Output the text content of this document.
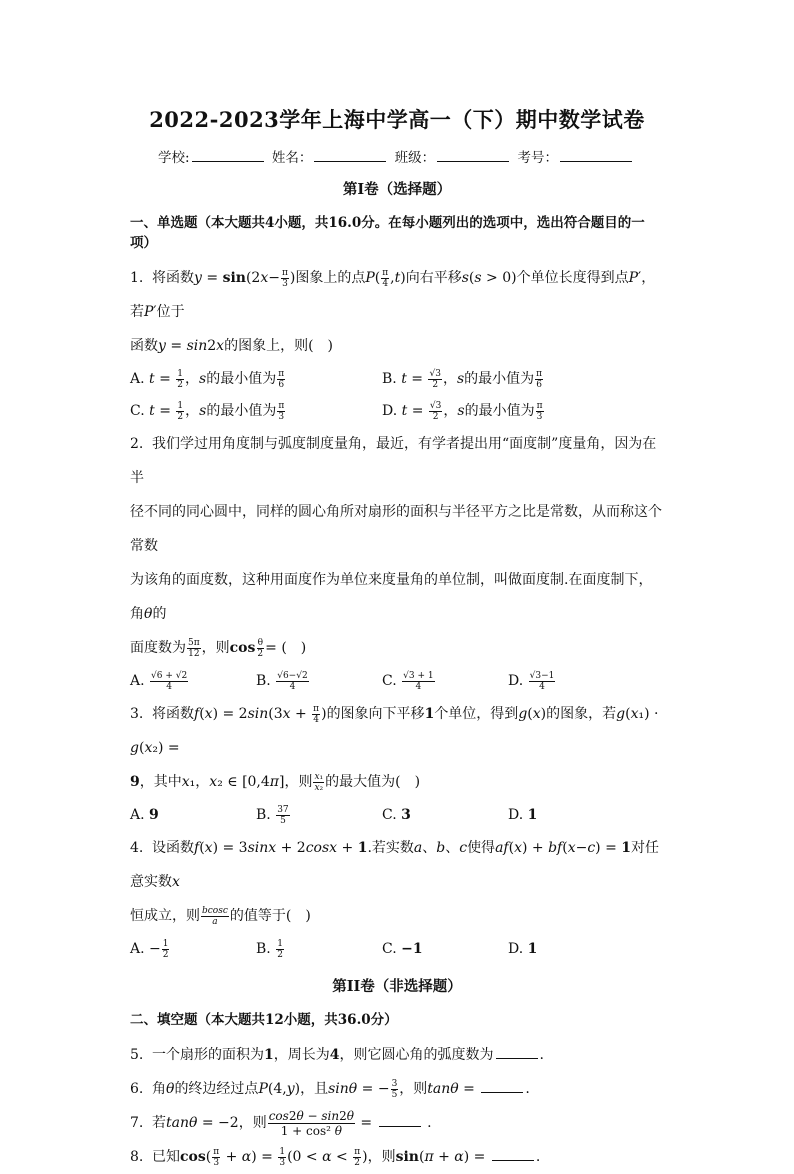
2022-2023学年上海中学高一（下）期中数学试卷
学校:	姓名：	班级：	考号：
第I卷（选择题）
一、单选题（本大题共4小题，共16.0分。在每小题列出的选项中，选出符合题目的一项）
1. 将函数$y = \sin(2x- \frac{\pi}{3}$ )图象上的点$P( \frac{\pi}{4} ,t)$向右平移s(s > 0)个单位长度得到点P′，若P′位于
函数y = sin2x的图象上，则(　)
A. $t = \frac{1}{2}$ ，s的最小值为 $\frac{\pi}{6}$	B. $t = \frac{√3}{2}$ ，s的最小值为 $\frac{\pi}{6}$
C. $t = \frac{1}{2}$ ，s的最小值为 $\frac{\pi}{3}$	D. $t = \frac{√3}{2}$ ，s的最小值为 $\frac{\pi}{3}$
2. 我们学过用角度制与弧度制度量角，最近，有学者提出用“面度制”度量角，因为在半
径不同的同心圆中，同样的圆心角所对扇形的面积与半径平方之比是常数，从而称这个常数
为该角的面度数，这种用面度作为单位来度量角的单位制，叫做面度制.在面度制下，角θ的
面度数为 $\frac{5\pi}{12}$ ，则$\cos \frac{\theta}{2}$ = (　)
A. $\frac{√6 + √2}{4}$	B. $\frac{√6-√2}{4}$	C. $\frac{√3 + 1}{4}$	D. $\frac{√3-1}{4}$
3. 将函数$f(x) = 2\sin(3x + \frac{\pi}{4}$ )的图象向下平移1个单位，得到g(x)的图象，若g(x₁) · g(x₂) =
9，其中x₁，x₂ ∈ [0,4π]，则 $\frac{\text{x₁}}{\text{x₂}}$ 的最大值为(　)
A. 9	B. $\frac{37}{5}$	C. 3	D. 1
4. 设函数f(x) = 3sinx + 2cosx + 1.若实数a、b、c使得af(x) + bf(x−c) = 1对任意实数x
恒成立，则 $\frac{bcosc}{a}$ 的值等于(　)
A. − $\frac{1}{2}$	B. $\frac{1}{2}$	C. −1	D. 1
第II卷（非选择题）
二、填空题（本大题共12小题，共36.0分）
5. 一个扇形的面积为1，周长为4，则它圆心角的弧度数为	.
6. 角θ的终边经过点P(4,y)，且sinθ = − $\frac{3}{5}$ ，则tanθ =	.
7. 若tanθ = −2，则 $\frac{\cos 2\theta - \sin 2\theta}{\text{1 + cos² θ}}$ =	.
8. 已知$\cos( \frac{\pi}{3} + \alpha) = \frac{1}{3} (0 < \alpha < \frac{\pi}{2}$ )，则sin(π + α) =	.
